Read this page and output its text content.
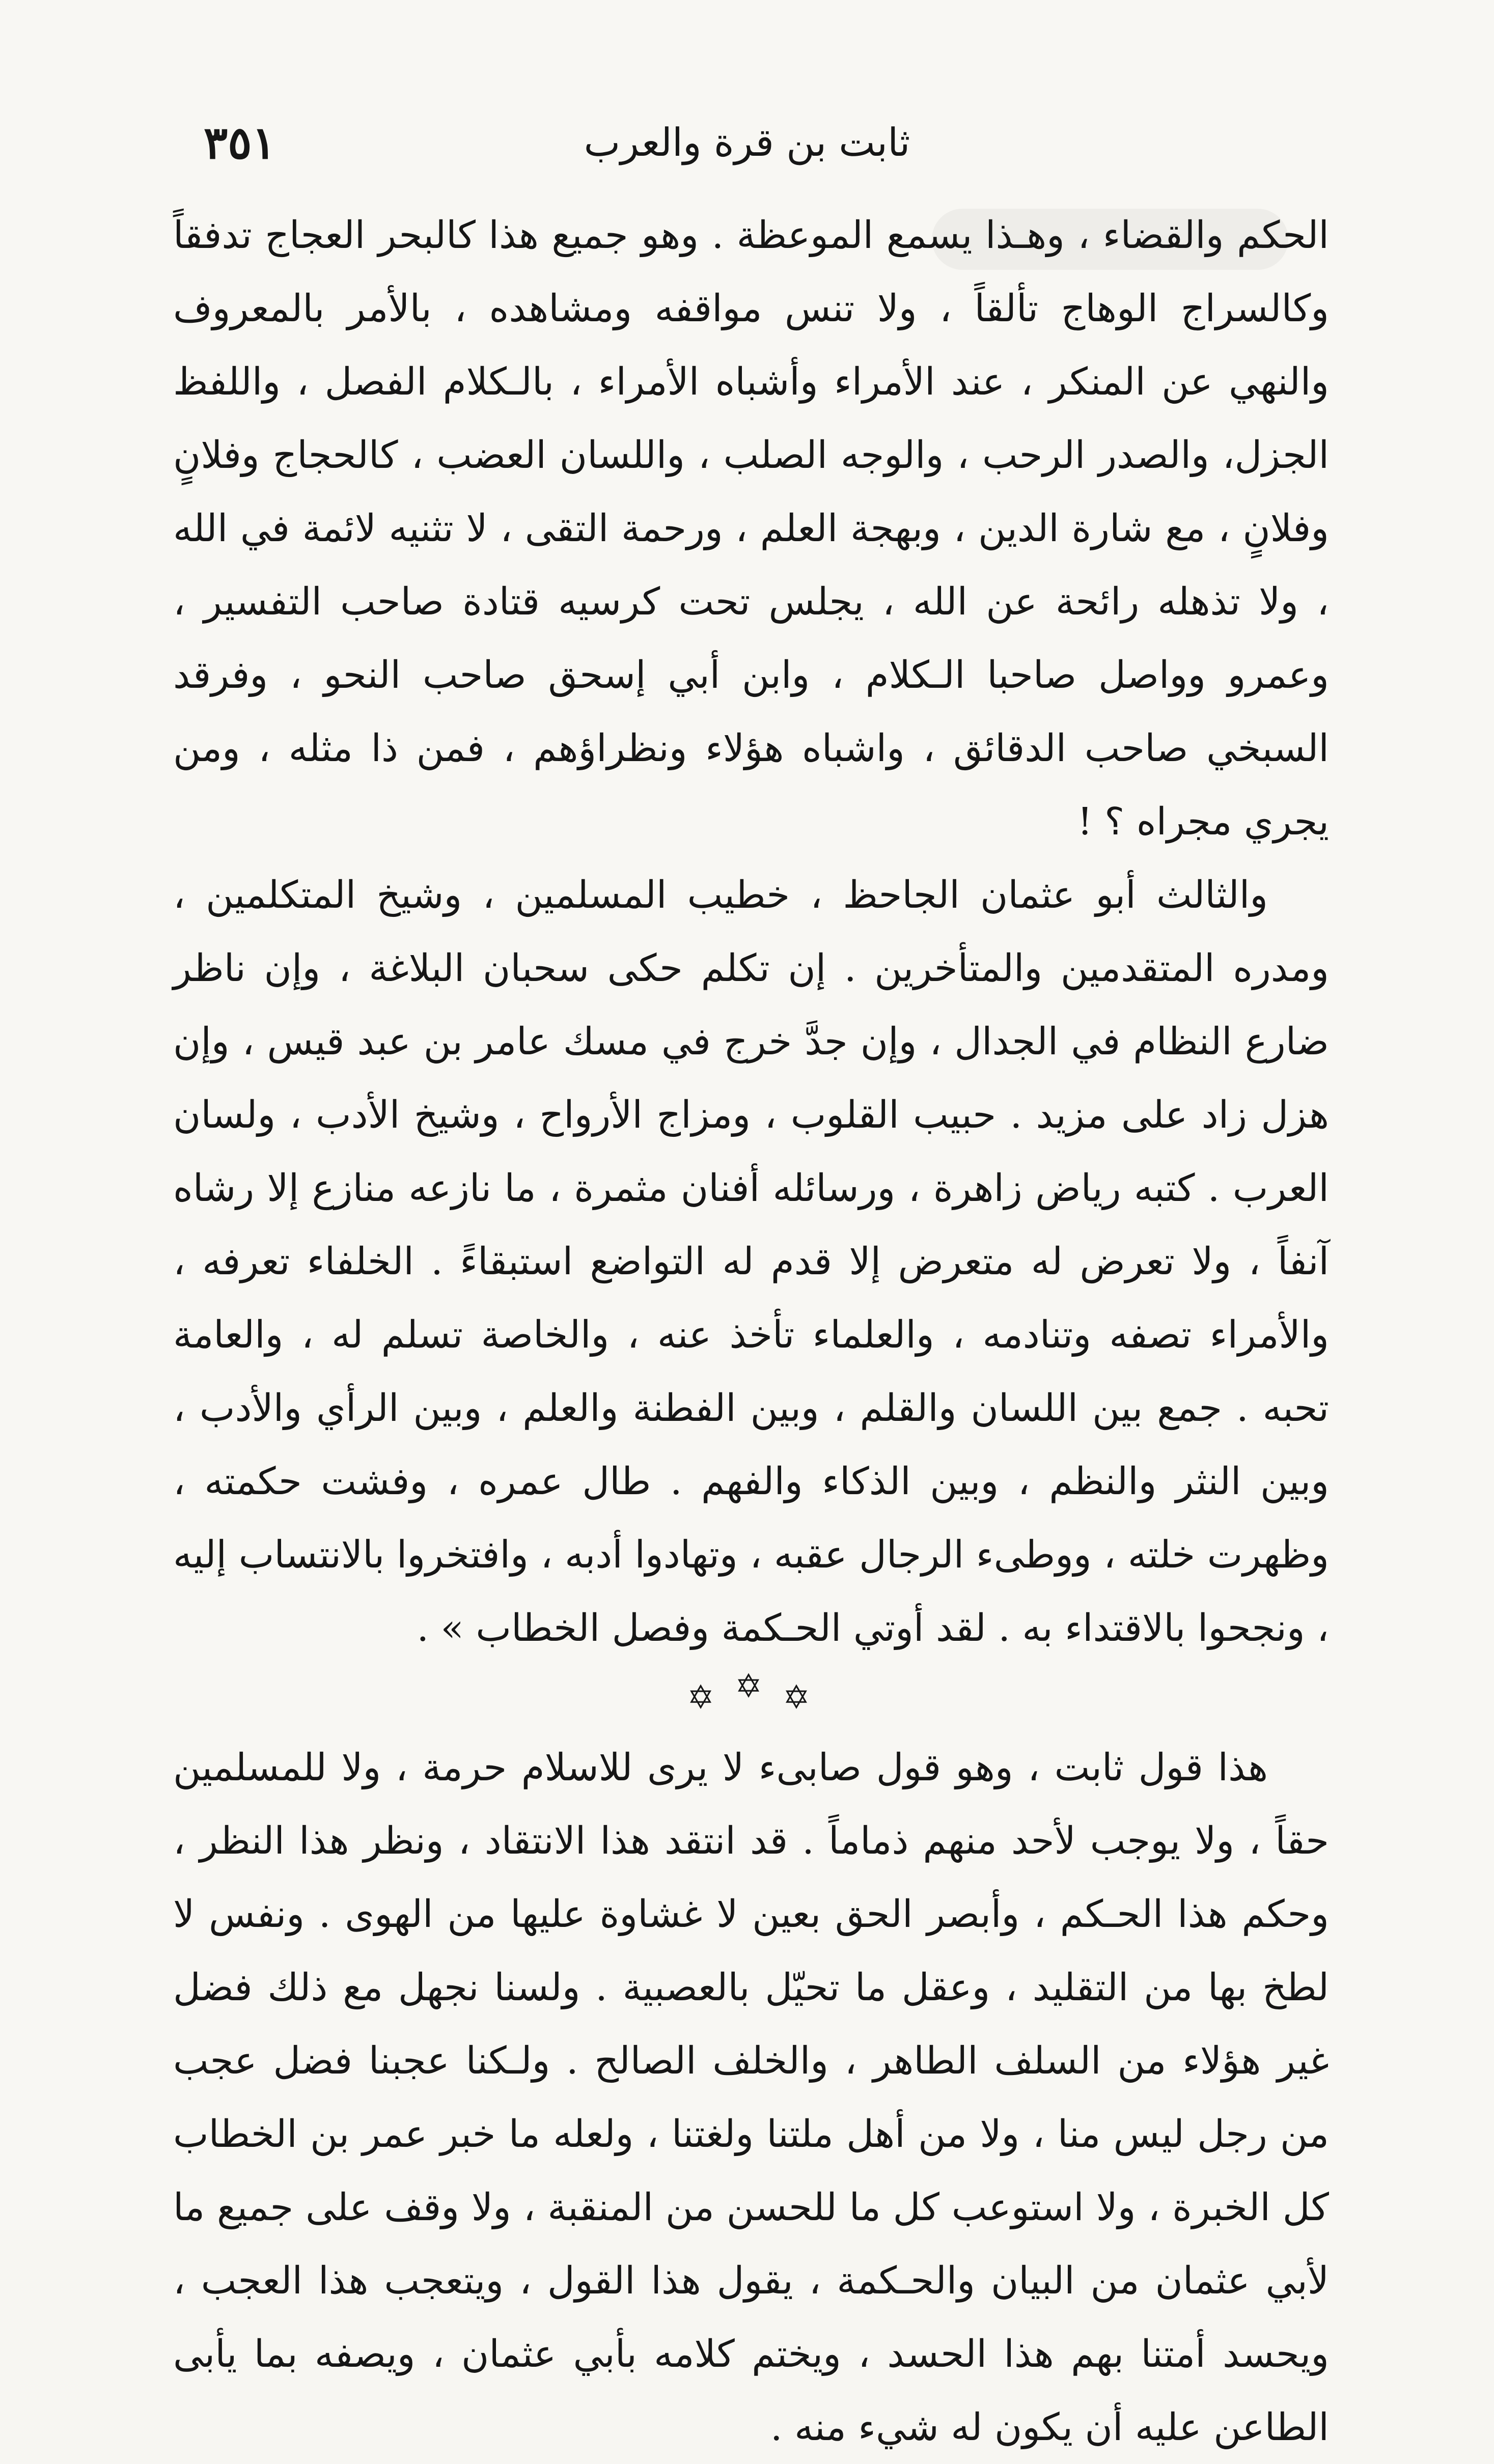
ثابت بن قرة والعرب
٣٥١

الحكم والقضاء ، وهـذا يسمع الموعظة . وهو جميع هذا كالبحر العجاج تدفقاً وكالسراج الوهاج تألقاً ، ولا تنس مواقفه ومشاهده ، بالأمر بالمعروف والنهي عن المنكر ، عند الأمراء وأشباه الأمراء ، بالـكلام الفصل ، واللفظ الجزل، والصدر الرحب ، والوجه الصلب ، واللسان العضب ، كالحجاج وفلانٍ وفلانٍ ، مع شارة الدين ، وبهجة العلم ، ورحمة التقى ، لا تثنيه لائمة في الله ، ولا تذهله رائحة عن الله ، يجلس تحت كرسيه قتادة صاحب التفسير ، وعمرو وواصل صاحبا الـكلام ، وابن أبي إسحق صاحب النحو ، وفرقد السبخي صاحب الدقائق ، واشباه هؤلاء ونظراؤهم ، فمن ذا مثله ، ومن يجري مجراه ؟ !

والثالث أبو عثمان الجاحظ ، خطيب المسلمين ، وشيخ المتكلمين ، ومدره المتقدمين والمتأخرين . إن تكلم حكى سحبان البلاغة ، وإن ناظر ضارع النظام في الجدال ، وإن جدَّ خرج في مسك عامر بن عبد قيس ، وإن هزل زاد على مزيد . حبيب القلوب ، ومزاج الأرواح ، وشيخ الأدب ، ولسان العرب . كتبه رياض زاهرة ، ورسائله أفنان مثمرة ، ما نازعه منازع إلا رشاه آنفاً ، ولا تعرض له متعرض إلا قدم له التواضع استبقاءً . الخلفاء تعرفه ، والأمراء تصفه وتنادمه ، والعلماء تأخذ عنه ، والخاصة تسلم له ، والعامة تحبه . جمع بين اللسان والقلم ، وبين الفطنة والعلم ، وبين الرأي والأدب ، وبين النثر والنظم ، وبين الذكاء والفهم . طال عمره ، وفشت حكمته ، وظهرت خلته ، ووطىء الرجال عقبه ، وتهادوا أدبه ، وافتخروا بالانتساب إليه ، ونجحوا بالاقتداء به . لقد أوتي الحـكمة وفصل الخطاب » .

✡ ✡ ✡

هذا قول ثابت ، وهو قول صابىء لا يرى للاسلام حرمة ، ولا للمسلمين حقاً ، ولا يوجب لأحد منهم ذماماً . قد انتقد هذا الانتقاد ، ونظر هذا النظر ، وحكم هذا الحـكم ، وأبصر الحق بعين لا غشاوة عليها من الهوى . ونفس لا لطخ بها من التقليد ، وعقل ما تحيّل بالعصبية . ولسنا نجهل مع ذلك فضل غير هؤلاء من السلف الطاهر ، والخلف الصالح . ولـكنا عجبنا فضل عجب من رجل ليس منا ، ولا من أهل ملتنا ولغتنا ، ولعله ما خبر عمر بن الخطاب كل الخبرة ، ولا استوعب كل ما للحسن من المنقبة ، ولا وقف على جميع ما لأبي عثمان من البيان والحـكمة ، يقول هذا القول ، ويتعجب هذا العجب ، ويحسد أمتنا بهم هذا الحسد ، ويختم كلامه بأبي عثمان ، ويصفه بما يأبى الطاعن عليه أن يكون له شيء منه .
